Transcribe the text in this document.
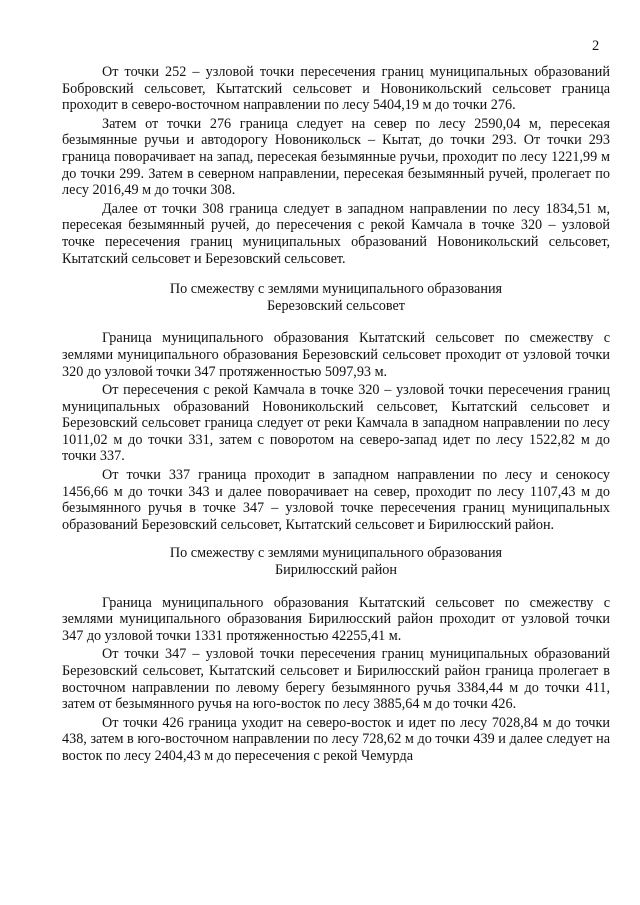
2

От точки 252 – узловой точки пересечения границ муниципальных образований Бобровский сельсовет, Кытатский сельсовет и Новоникольский сельсовет граница проходит в северо-восточном направлении по лесу 5404,19 м до точки 276.

Затем от точки 276 граница следует на север по лесу 2590,04 м, пересекая безымянные ручьи и автодорогу Новоникольск – Кытат, до точки 293. От точки 293 граница поворачивает на запад, пересекая безымянные ручьи, проходит по лесу 1221,99 м до точки 299. Затем в северном направлении, пересекая безымянный ручей, пролегает по лесу 2016,49 м до точки 308.

Далее от точки 308 граница следует в западном направлении по лесу 1834,51 м, пересекая безымянный ручей, до пересечения с рекой Камчала в точке 320 – узловой точке пересечения границ муниципальных образований Новоникольский сельсовет, Кытатский сельсовет и Березовский сельсовет.

По смежеству с землями муниципального образования

Березовский сельсовет

Граница муниципального образования Кытатский сельсовет по смежеству с землями муниципального образования Березовский сельсовет проходит от узловой точки 320 до узловой точки 347 протяженностью 5097,93 м.

От пересечения с рекой Камчала в точке 320 – узловой точки пересечения границ муниципальных образований Новоникольский сельсовет, Кытатский сельсовет и Березовский сельсовет граница следует от реки Камчала в западном направлении по лесу 1011,02 м до точки 331, затем с поворотом на северо-запад идет по лесу 1522,82 м до точки 337.

От точки 337 граница проходит в западном направлении по лесу и сенокосу 1456,66 м до точки 343 и далее поворачивает на север, проходит по лесу 1107,43 м до безымянного ручья в точке 347 – узловой точке пересечения границ муниципальных образований Березовский сельсовет, Кытатский сельсовет и Бирилюсский район.

По смежеству с землями муниципального образования

Бирилюсский район

Граница муниципального образования Кытатский сельсовет по смежеству с землями муниципального образования Бирилюсский район проходит от узловой точки 347 до узловой точки 1331 протяженностью 42255,41 м.

От точки 347 – узловой точки пересечения границ муниципальных образований Березовский сельсовет, Кытатский сельсовет и Бирилюсский район граница пролегает в восточном направлении по левому берегу безымянного ручья 3384,44 м до точки 411, затем от безымянного ручья на юго-восток по лесу 3885,64 м до точки 426.

От точки 426 граница уходит на северо-восток и идет по лесу 7028,84 м до точки 438, затем в юго-восточном направлении по лесу 728,62 м до точки 439 и далее следует на восток по лесу 2404,43 м до пересечения с рекой Чемурда
